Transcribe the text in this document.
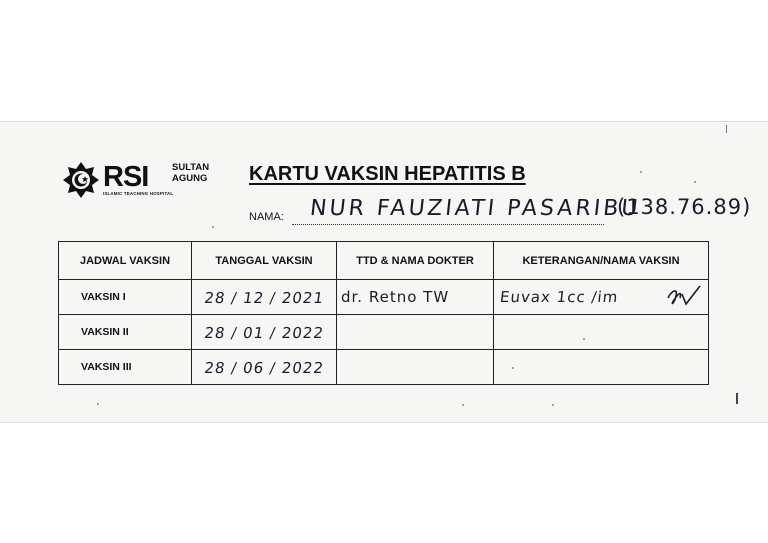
RSI SULTAN
AGUNG
ISLAMIC TEACHING HOSPITAL
KARTU VAKSIN HEPATITIS B
NAMA: NUR FAUZIATI PASARIBU
(138.76.89)
JADWAL VAKSIN	TANGGAL VAKSIN	TTD & NAMA DOKTER	KETERANGAN/NAMA VAKSIN
VAKSIN I	28 / 12 / 2021	dr. Retno TW	Euvax 1cc /im

VAKSIN II	28 / 01 / 2022		
VAKSIN III	28 / 06 / 2022		
